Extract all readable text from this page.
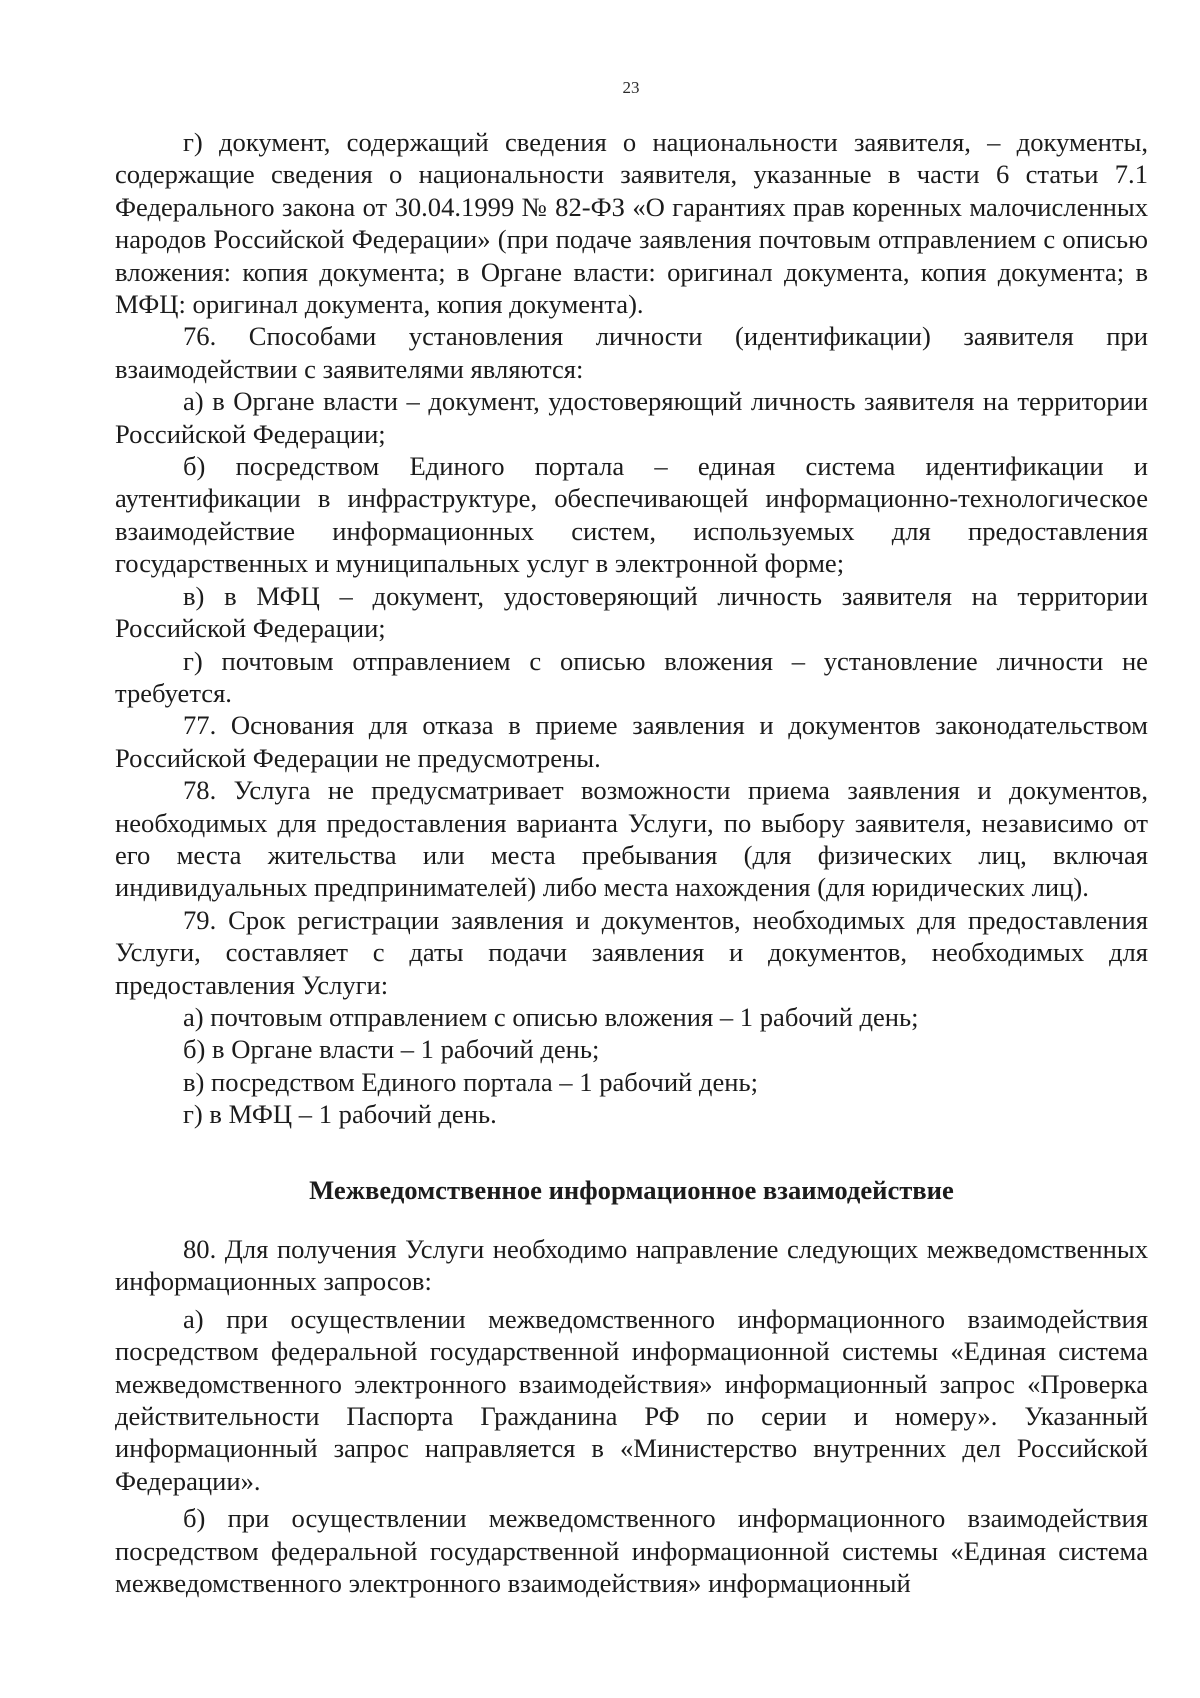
23

г) документ, содержащий сведения о национальности заявителя, – документы, содержащие сведения о национальности заявителя, указанные в части 6 статьи 7.1 Федерального закона от 30.04.1999 № 82-ФЗ «О гарантиях прав коренных малочисленных народов Российской Федерации» (при подаче заявления почтовым отправлением с описью вложения: копия документа; в Органе власти: оригинал документа, копия документа; в МФЦ: оригинал документа, копия документа).

76. Способами установления личности (идентификации) заявителя при взаимодействии с заявителями являются:

а) в Органе власти – документ, удостоверяющий личность заявителя на территории Российской Федерации;

б) посредством Единого портала – единая система идентификации и аутентификации в инфраструктуре, обеспечивающей информационно-технологическое взаимодействие информационных систем, используемых для предоставления государственных и муниципальных услуг в электронной форме;

в) в МФЦ – документ, удостоверяющий личность заявителя на территории Российской Федерации;

г) почтовым отправлением с описью вложения – установление личности не требуется.

77. Основания для отказа в приеме заявления и документов законодательством Российской Федерации не предусмотрены.

78. Услуга не предусматривает возможности приема заявления и документов, необходимых для предоставления варианта Услуги, по выбору заявителя, независимо от его места жительства или места пребывания (для физических лиц, включая индивидуальных предпринимателей) либо места нахождения (для юридических лиц).

79. Срок регистрации заявления и документов, необходимых для предоставления Услуги, составляет с даты подачи заявления и документов, необходимых для предоставления Услуги:

а) почтовым отправлением с описью вложения – 1 рабочий день;

б) в Органе власти – 1 рабочий день;

в) посредством Единого портала – 1 рабочий день;

г) в МФЦ – 1 рабочий день.

Межведомственное информационное взаимодействие

80. Для получения Услуги необходимо направление следующих межведомственных информационных запросов:

а) при осуществлении межведомственного информационного взаимодействия посредством федеральной государственной информационной системы «Единая система межведомственного электронного взаимодействия» информационный запрос «Проверка действительности Паспорта Гражданина РФ по серии и номеру». Указанный информационный запрос направляется в «Министерство внутренних дел Российской Федерации».

б) при осуществлении межведомственного информационного взаимодействия посредством федеральной государственной информационной системы «Единая система межведомственного электронного взаимодействия» информационный
